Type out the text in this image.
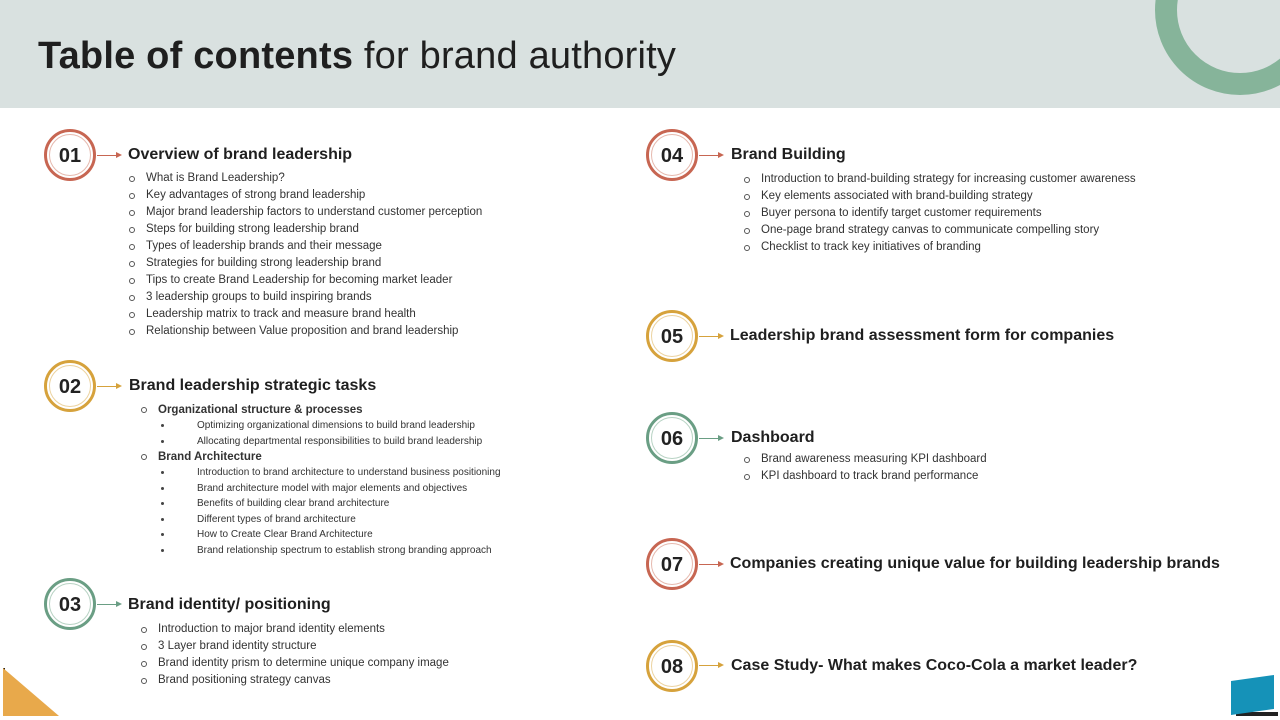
Table of contents for brand authority
01	Overview of brand leadership
What is Brand Leadership?
Key advantages of strong brand leadership
Major brand leadership factors to understand customer perception
Steps for building strong leadership brand
Types of leadership brands and their message
Strategies for building strong leadership brand
Tips to create Brand Leadership for becoming market leader
3 leadership groups to build inspiring brands
Leadership matrix to track and measure brand health
Relationship between Value proposition and brand leadership
02	Brand leadership strategic tasks
Organizational structure & processes
Optimizing organizational dimensions to build brand leadership
Allocating departmental responsibilities to build brand leadership
Brand Architecture
Introduction to brand architecture to understand business positioning
Brand architecture model with major elements and objectives
Benefits of building clear brand architecture
Different types of brand architecture
How to Create Clear Brand Architecture
Brand relationship spectrum to establish strong branding approach
03	Brand identity/ positioning
Introduction to major brand identity elements
3 Layer brand identity structure
Brand identity prism to determine unique company image
Brand positioning strategy canvas
04	Brand Building
Introduction to brand-building strategy for increasing customer awareness
Key elements associated with brand-building strategy
Buyer persona to identify target customer requirements
One-page brand strategy canvas to communicate compelling story
Checklist to track key initiatives of branding
05	Leadership brand assessment form for companies
06	Dashboard
Brand awareness measuring KPI dashboard
KPI dashboard to track brand performance
07	Companies creating unique value for building leadership brands
08	Case Study- What makes Coco-Cola a market leader?
